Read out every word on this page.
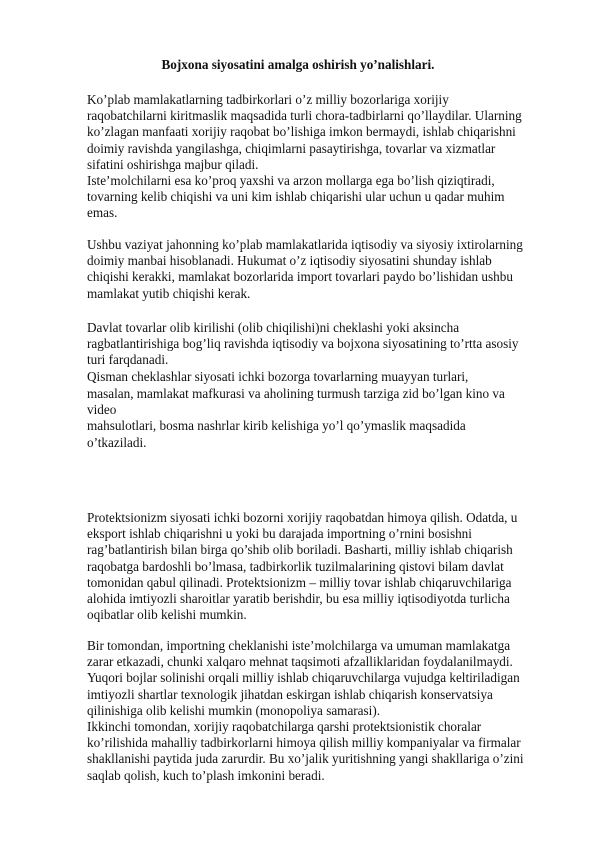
Bojxona siyosatini amalga oshirish yo’nalishlari.
Ko’plab mamlakatlarning tadbirkorlari o’z milliy bozorlariga xorijiy
raqobatchilarni kiritmaslik maqsadida turli chora-tadbirlarni qo’llaydilar. Ularning
ko’zlagan manfaati xorijiy raqobat bo’lishiga imkon bermaydi, ishlab chiqarishni
doimiy ravishda yangilashga, chiqimlarni pasaytirishga, tovarlar va xizmatlar
sifatini oshirishga majbur qiladi.
Iste’molchilarni esa ko’proq yaxshi va arzon mollarga ega bo’lish qiziqtiradi,
tovarning kelib chiqishi va uni kim ishlab chiqarishi ular uchun u qadar muhim
emas.
Ushbu vaziyat jahonning ko’plab mamlakatlarida iqtisodiy va siyosiy ixtirolarning
doimiy manbai hisoblanadi. Hukumat o’z iqtisodiy siyosatini shunday ishlab
chiqishi kerakki, mamlakat bozorlarida import tovarlari paydo bo’lishidan ushbu
mamlakat yutib chiqishi kerak.
Davlat tovarlar olib kirilishi (olib chiqilishi)ni cheklashi yoki aksincha
ragbatlantirishiga bog’liq ravishda iqtisodiy va bojxona siyosatining to’rtta asosiy
turi farqdanadi.
Qisman cheklashlar siyosati ichki bozorga tovarlarning muayyan turlari,
masalan, mamlakat mafkurasi va aholining turmush tarziga zid bo’lgan kino va
video
mahsulotlari, bosma nashrlar kirib kelishiga yo’l qo’ymaslik maqsadida
o’tkaziladi.
Protektsionizm siyosati ichki bozorni xorijiy raqobatdan himoya qilish. Odatda, u
eksport ishlab chiqarishni u yoki bu darajada importning o’rnini bosishni
rag’batlantirish bilan birga qo’shib olib boriladi. Basharti, milliy ishlab chiqarish
raqobatga bardoshli bo’lmasa, tadbirkorlik tuzilmalarining qistovi bilam davlat
tomonidan qabul qilinadi. Protektsionizm – milliy tovar ishlab chiqaruvchilariga
alohida imtiyozli sharoitlar yaratib berishdir, bu esa milliy iqtisodiyotda turlicha
oqibatlar olib kelishi mumkin.
Bir tomondan, importning cheklanishi iste’molchilarga va umuman mamlakatga
zarar etkazadi, chunki xalqaro mehnat taqsimoti afzalliklaridan foydalanilmaydi.
Yuqori bojlar solinishi orqali milliy ishlab chiqaruvchilarga vujudga keltiriladigan
imtiyozli shartlar texnologik jihatdan eskirgan ishlab chiqarish konservatsiya
qilinishiga olib kelishi mumkin (monopoliya samarasi).
Ikkinchi tomondan, xorijiy raqobatchilarga qarshi protektsionistik choralar
ko’rilishida mahalliy tadbirkorlarni himoya qilish milliy kompaniyalar va firmalar
shakllanishi paytida juda zarurdir. Bu xo’jalik yuritishning yangi shakllariga o’zini
saqlab qolish, kuch to’plash imkonini beradi.
